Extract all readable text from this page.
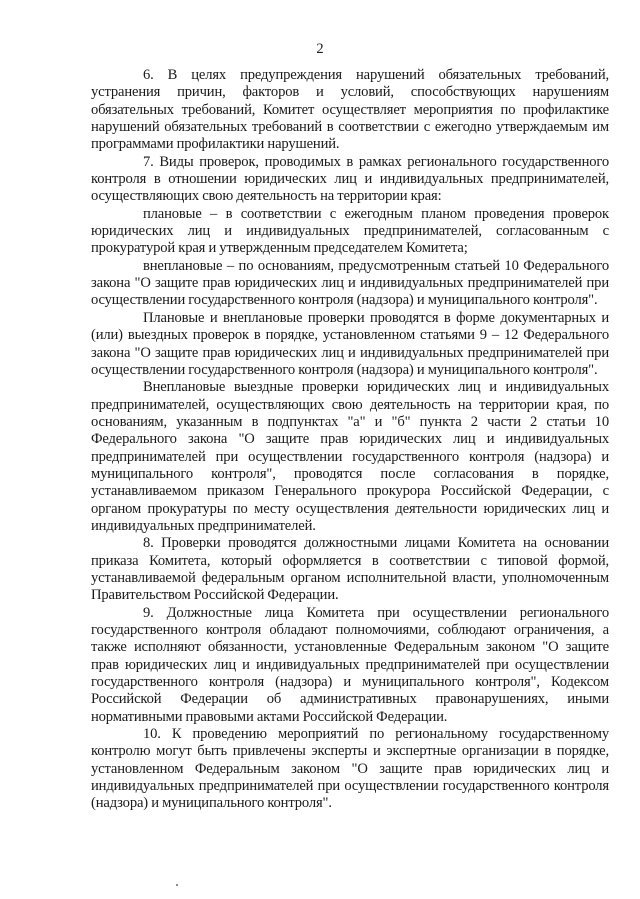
2

6. В целях предупреждения нарушений обязательных требований, устранения причин, факторов и условий, способствующих нарушениям обязательных требований, Комитет осуществляет мероприятия по профилактике нарушений обязательных требований в соответствии с ежегодно утверждаемым им программами профилактики нарушений.

7. Виды проверок, проводимых в рамках регионального государственного контроля в отношении юридических лиц и индивидуальных предпринимателей, осуществляющих свою деятельность на территории края:

плановые – в соответствии с ежегодным планом проведения проверок юридических лиц и индивидуальных предпринимателей, согласованным с прокуратурой края и утвержденным председателем Комитета;

внеплановые – по основаниям, предусмотренным статьей 10 Федерального закона "О защите прав юридических лиц и индивидуальных предпринимателей при осуществлении государственного контроля (надзора) и муниципального контроля".

Плановые и внеплановые проверки проводятся в форме документарных и (или) выездных проверок в порядке, установленном статьями 9 – 12 Федерального закона "О защите прав юридических лиц и индивидуальных предпринимателей при осуществлении государственного контроля (надзора) и муниципального контроля".

Внеплановые выездные проверки юридических лиц и индивидуальных предпринимателей, осуществляющих свою деятельность на территории края, по основаниям, указанным в подпунктах "а" и "б" пункта 2 части 2 статьи 10 Федерального закона "О защите прав юридических лиц и индивидуальных предпринимателей при осуществлении государственного контроля (надзора) и муниципального контроля", проводятся после согласования в порядке, устанавливаемом приказом Генерального прокурора Российской Федерации, с органом прокуратуры по месту осуществления деятельности юридических лиц и индивидуальных предпринимателей.

8. Проверки проводятся должностными лицами Комитета на основании приказа Комитета, который оформляется в соответствии с типовой формой, устанавливаемой федеральным органом исполнительной власти, уполномоченным Правительством Российской Федерации.

9. Должностные лица Комитета при осуществлении регионального государственного контроля обладают полномочиями, соблюдают ограничения, а также исполняют обязанности, установленные Федеральным законом "О защите прав юридических лиц и индивидуальных предпринимателей при осуществлении государственного контроля (надзора) и муниципального контроля", Кодексом Российской Федерации об административных правонарушениях, иными нормативными правовыми актами Российской Федерации.

10. К проведению мероприятий по региональному государственному контролю могут быть привлечены эксперты и экспертные организации в порядке, установленном Федеральным законом "О защите прав юридических лиц и индивидуальных предпринимателей при осуществлении государственного контроля (надзора) и муниципального контроля".
